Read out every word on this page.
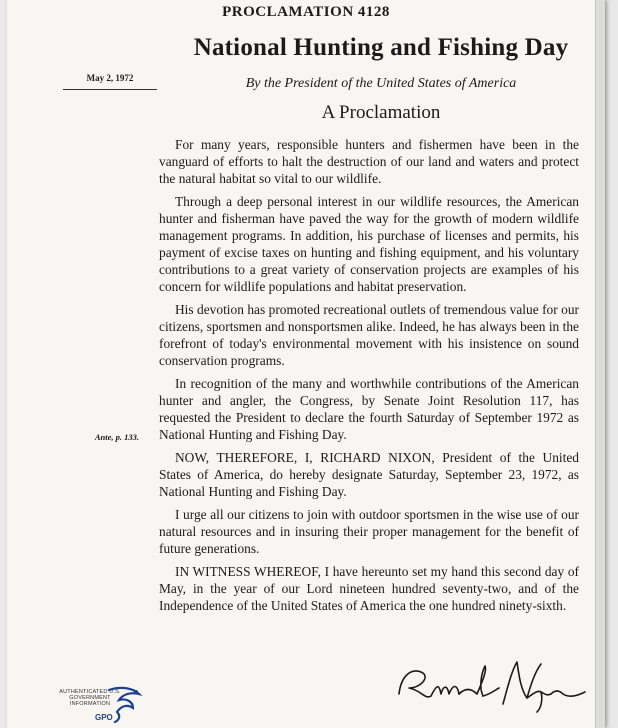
PROCLAMATION 4128
National Hunting and Fishing Day
May 2, 1972	By the President of the United States of America
A Proclamation

For many years, responsible hunters and fishermen have been in the vanguard of efforts to halt the destruction of our land and waters and protect the natural habitat so vital to our wildlife.

Through a deep personal interest in our wildlife resources, the American hunter and fisherman have paved the way for the growth of modern wildlife management programs. In addition, his purchase of licenses and permits, his payment of excise taxes on hunting and fishing equipment, and his voluntary contributions to a great variety of conservation projects are examples of his concern for wildlife populations and habitat preservation.

His devotion has promoted recreational outlets of tremendous value for our citizens, sportsmen and nonsportsmen alike. Indeed, he has always been in the forefront of today's environmental movement with his insistence on sound conservation programs.

In recognition of the many and worthwhile contributions of the American hunter and angler, the Congress, by Senate Joint Resolution 117, has requested the President to declare the fourth Saturday of September 1972 as National Hunting and Fishing Day.

NOW, THEREFORE, I, RICHARD NIXON, President of the United States of America, do hereby designate Saturday, September 23, 1972, as National Hunting and Fishing Day.

I urge all our citizens to join with outdoor sportsmen in the wise use of our natural resources and in insuring their proper management for the benefit of future generations.

IN WITNESS WHEREOF, I have hereunto set my hand this second day of May, in the year of our Lord nineteen hundred seventy-two, and of the Independence of the United States of America the one hundred ninety-sixth.

Ante, p. 133.
AUTHENTICATED U.S. GOVERNMENT INFORMATION
GPO
